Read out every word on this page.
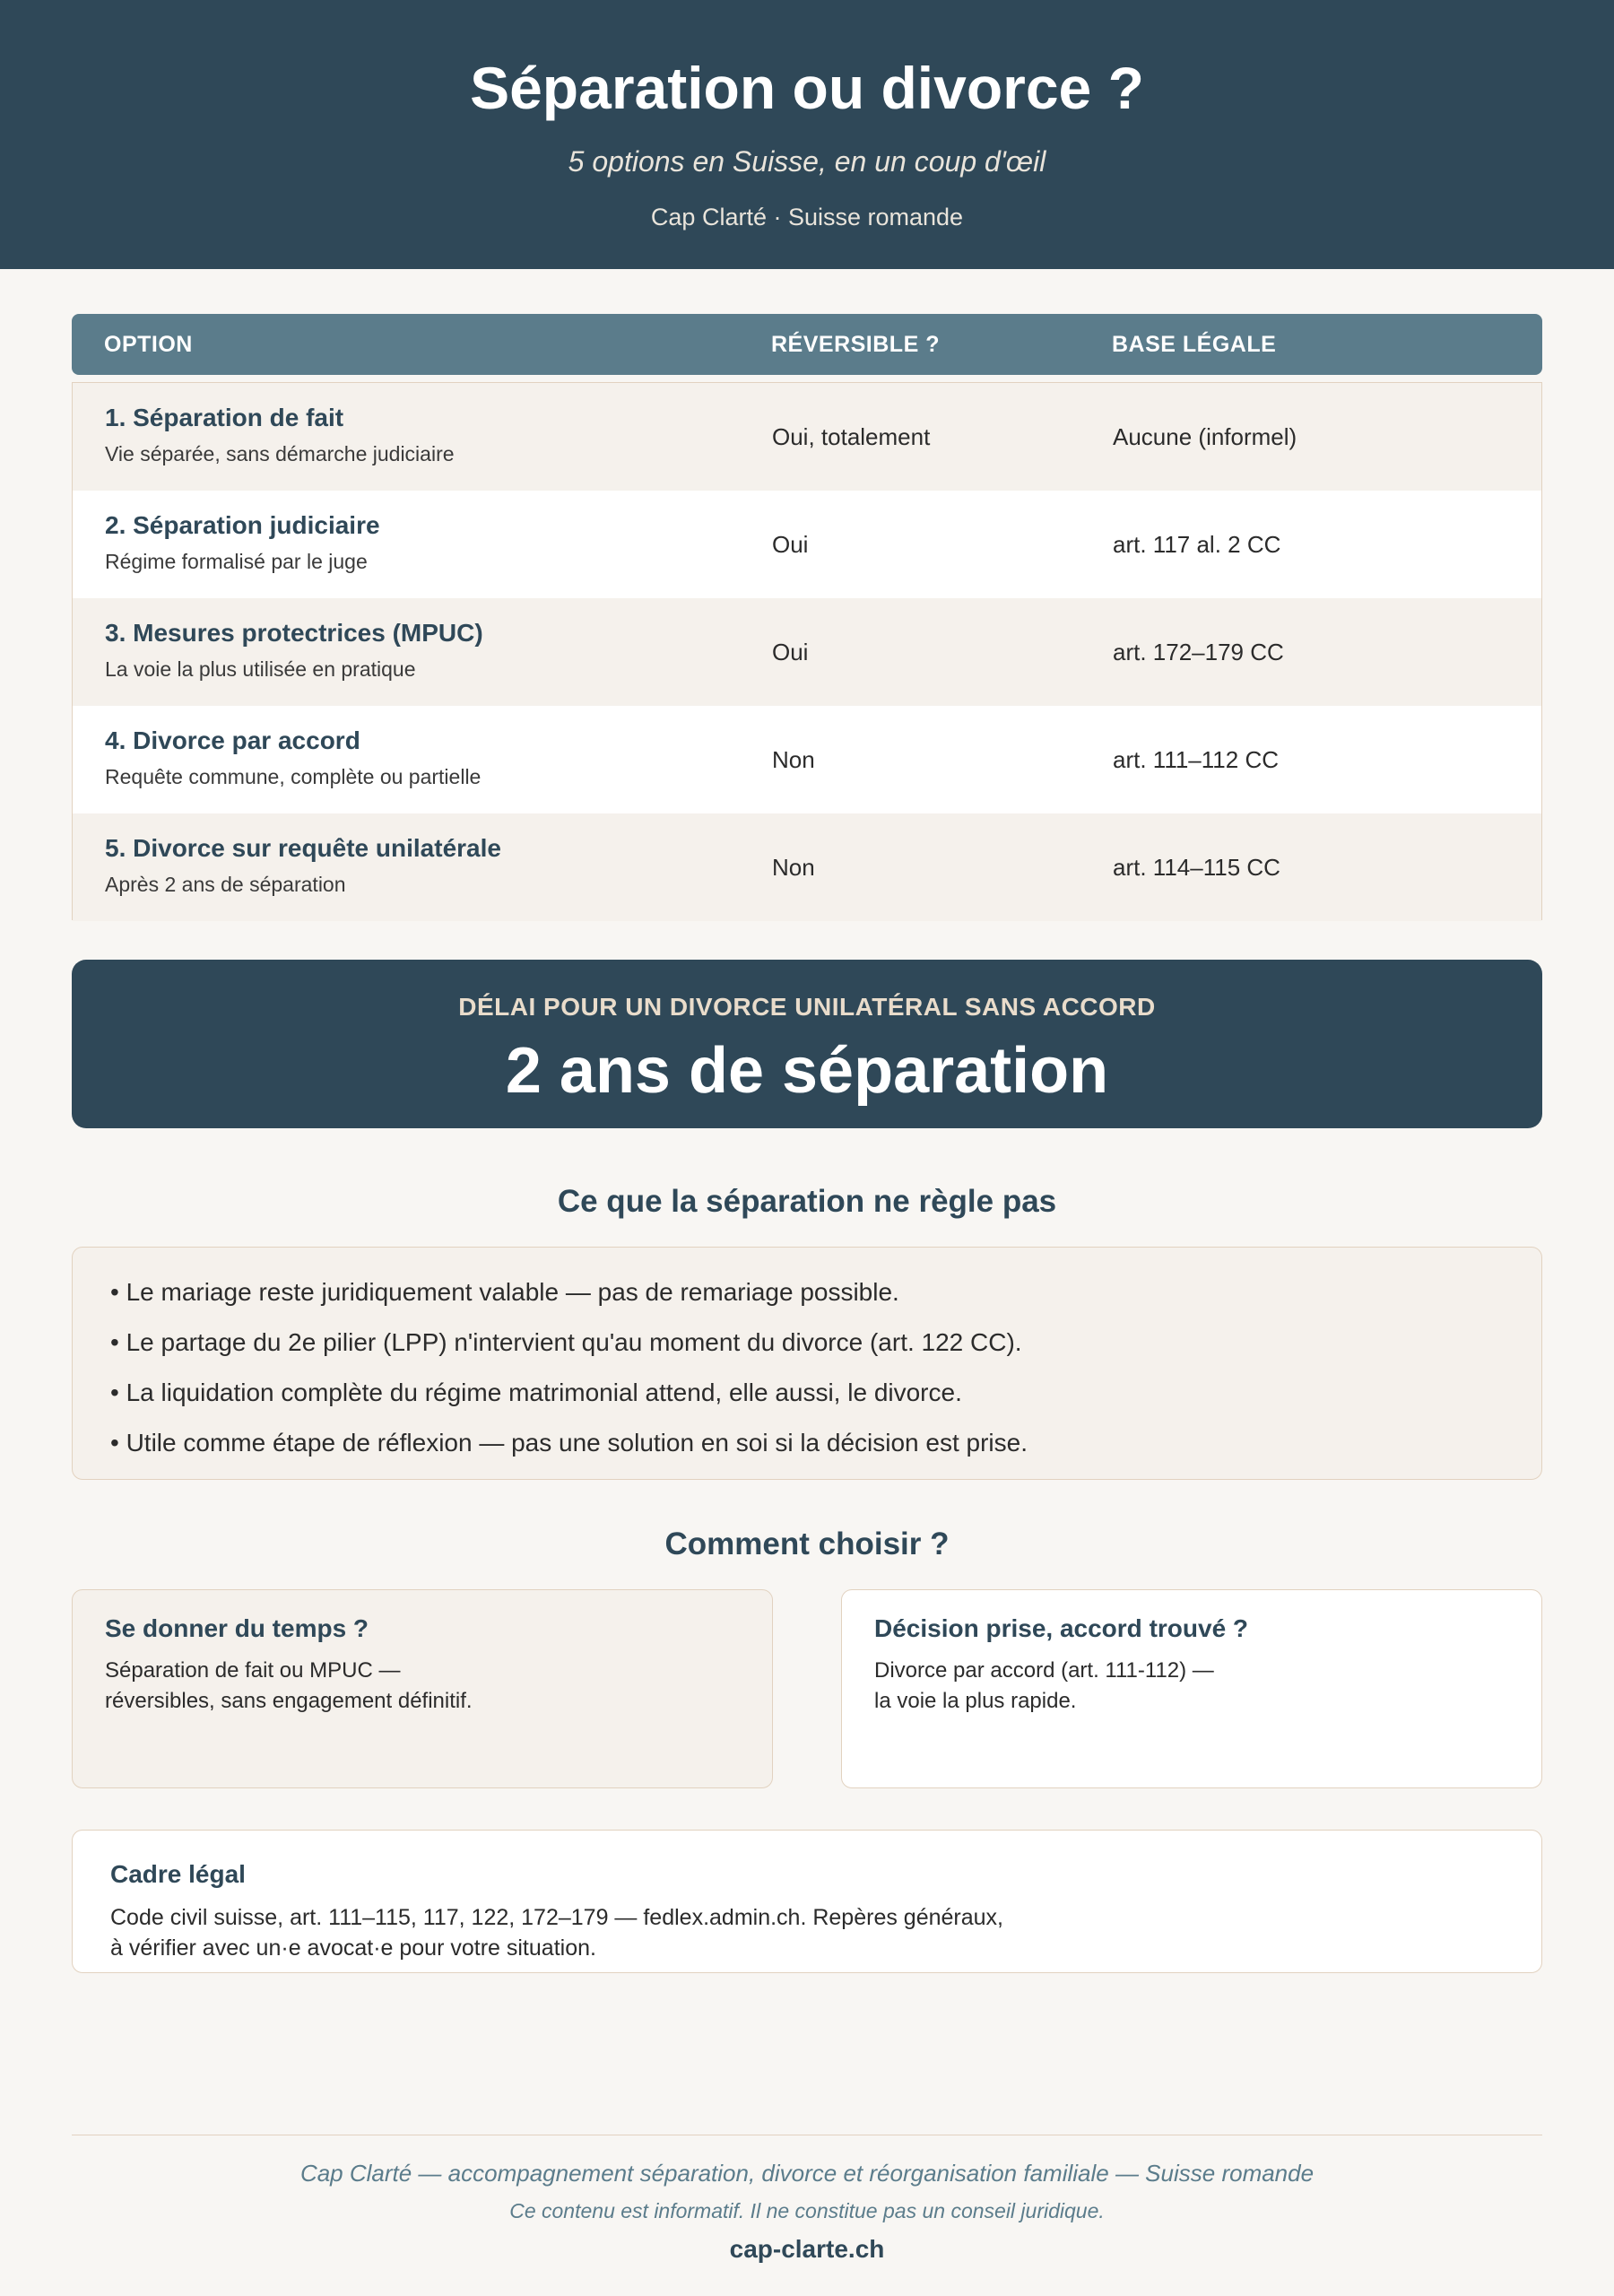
Séparation ou divorce ?
5 options en Suisse, en un coup d'œil
Cap Clarté · Suisse romande
OPTION	RÉVERSIBLE ?	BASE LÉGALE
1. Séparation de fait
Vie séparée, sans démarche judiciaire
Oui, totalement	Aucune (informel)
2. Séparation judiciaire
Régime formalisé par le juge
Oui	art. 117 al. 2 CC
3. Mesures protectrices (MPUC)
La voie la plus utilisée en pratique
Oui	art. 172–179 CC
4. Divorce par accord
Requête commune, complète ou partielle
Non	art. 111–112 CC
5. Divorce sur requête unilatérale
Après 2 ans de séparation
Non	art. 114–115 CC
DÉLAI POUR UN DIVORCE UNILATÉRAL SANS ACCORD
2 ans de séparation
Ce que la séparation ne règle pas
• Le mariage reste juridiquement valable — pas de remariage possible.
• Le partage du 2e pilier (LPP) n'intervient qu'au moment du divorce (art. 122 CC).
• La liquidation complète du régime matrimonial attend, elle aussi, le divorce.
• Utile comme étape de réflexion — pas une solution en soi si la décision est prise.
Comment choisir ?
Se donner du temps ?
Séparation de fait ou MPUC —
réversibles, sans engagement définitif.
Décision prise, accord trouvé ?
Divorce par accord (art. 111-112) —
la voie la plus rapide.
Cadre légal
Code civil suisse, art. 111–115, 117, 122, 172–179 — fedlex.admin.ch. Repères généraux,
à vérifier avec un·e avocat·e pour votre situation.
Cap Clarté — accompagnement séparation, divorce et réorganisation familiale — Suisse romande
Ce contenu est informatif. Il ne constitue pas un conseil juridique.
cap-clarte.ch
